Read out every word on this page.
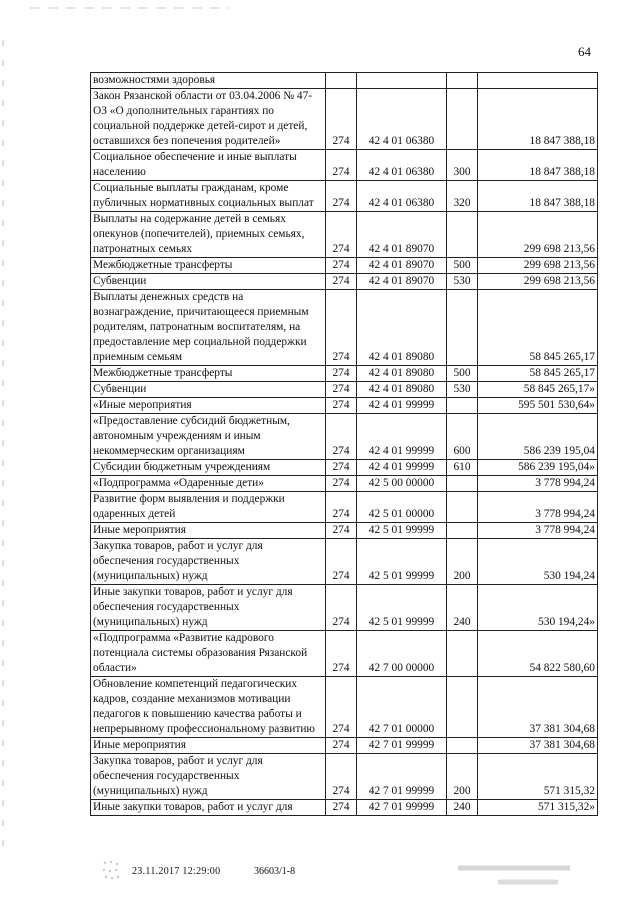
64
возможностями здоровья				
Закон Рязанской области от 03.04.2006 № 47-ОЗ «О дополнительных гарантиях по социальной поддержке детей-сирот и детей, оставшихся без попечения родителей»	274	42 4 01 06380		18 847 388,18
Социальное обеспечение и иные выплаты населению	274	42 4 01 06380	300	18 847 388,18
Социальные выплаты гражданам, кроме публичных нормативных социальных выплат	274	42 4 01 06380	320	18 847 388,18
Выплаты на содержание детей в семьях опекунов (попечителей), приемных семьях, патронатных семьях	274	42 4 01 89070		299 698 213,56
Межбюджетные трансферты	274	42 4 01 89070	500	299 698 213,56
Субвенции	274	42 4 01 89070	530	299 698 213,56
Выплаты денежных средств на вознаграждение, причитающееся приемным родителям, патронатным воспитателям, на предоставление мер социальной поддержки приемным семьям	274	42 4 01 89080		58 845 265,17
Межбюджетные трансферты	274	42 4 01 89080	500	58 845 265,17
Субвенции	274	42 4 01 89080	530	58 845 265,17»
«Иные мероприятия	274	42 4 01 99999		595 501 530,64»
«Предоставление субсидий бюджетным, автономным учреждениям и иным некоммерческим организациям	274	42 4 01 99999	600	586 239 195,04
Субсидии бюджетным учреждениям	274	42 4 01 99999	610	586 239 195,04»
«Подпрограмма «Одаренные дети»	274	42 5 00 00000		3 778 994,24
Развитие форм выявления и поддержки одаренных детей	274	42 5 01 00000		3 778 994,24
Иные мероприятия	274	42 5 01 99999		3 778 994,24
Закупка товаров, работ и услуг для обеспечения государственных (муниципальных) нужд	274	42 5 01 99999	200	530 194,24
Иные закупки товаров, работ и услуг для обеспечения государственных (муниципальных) нужд	274	42 5 01 99999	240	530 194,24»
«Подпрограмма «Развитие кадрового потенциала системы образования Рязанской области»	274	42 7 00 00000		54 822 580,60
Обновление компетенций педагогических кадров, создание механизмов мотивации педагогов к повышению качества работы и непрерывному профессиональному развитию	274	42 7 01 00000		37 381 304,68
Иные мероприятия	274	42 7 01 99999		37 381 304,68
Закупка товаров, работ и услуг для обеспечения государственных (муниципальных) нужд	274	42 7 01 99999	200	571 315,32
Иные закупки товаров, работ и услуг для	274	42 7 01 99999	240	571 315,32»
23.11.2017 12:29:00	36603/1-8
